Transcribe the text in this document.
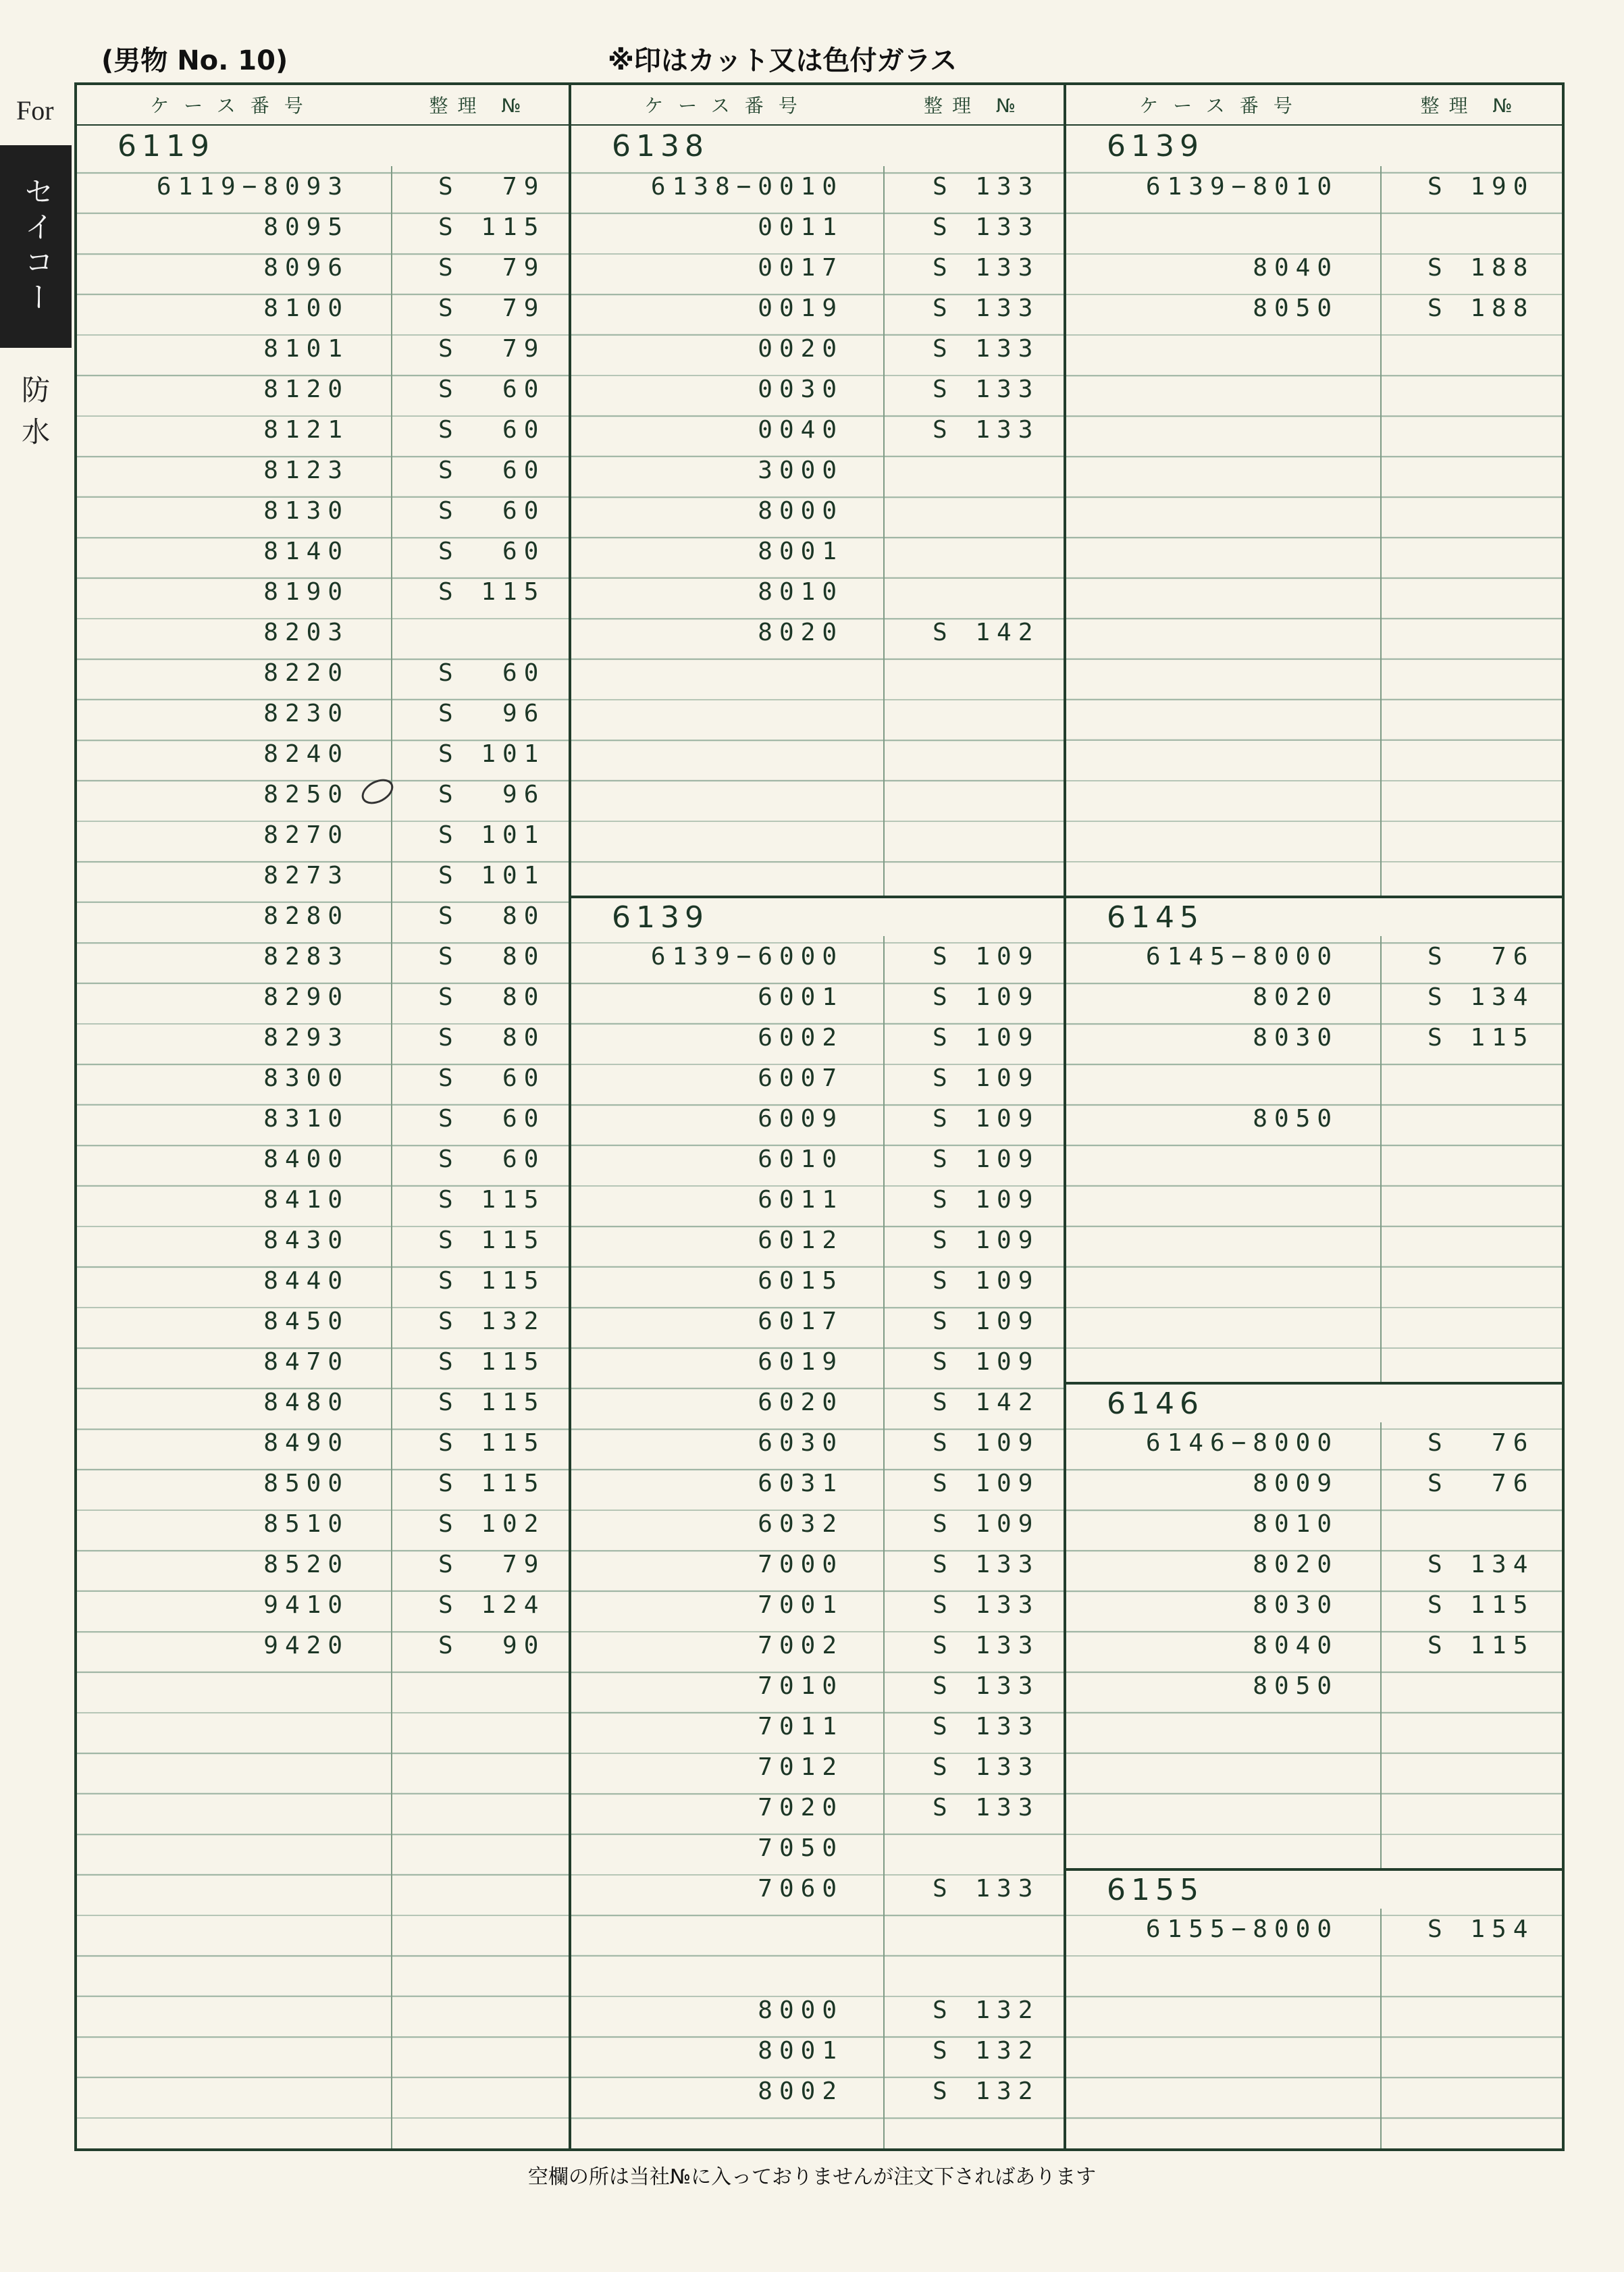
(男物 No. 10)	※印はカット又は色付ガラス
For
セイコー
防水
ケース番号	整理 №
6119
6119−8093	S  79
8095	S 115
8096	S  79
8100	S  79
8101	S  79
8120	S  60
8121	S  60
8123	S  60
8130	S  60
8140	S  60
8190	S 115
8203
8220	S  60
8230	S  96
8240	S 101
8250	S  96
8270	S 101
8273	S 101
8280	S  80
8283	S  80
8290	S  80
8293	S  80
8300	S  60
8310	S  60
8400	S  60
8410	S 115
8430	S 115
8440	S 115
8450	S 132
8470	S 115
8480	S 115
8490	S 115
8500	S 115
8510	S 102
8520	S  79
9410	S 124
9420	S  90
ケース番号	整理 №
6138
6138−0010	S 133
0011	S 133
0017	S 133
0019	S 133
0020	S 133
0030	S 133
0040	S 133
3000
8000
8001
8010
8020	S 142
6139
6139−6000	S 109
6001	S 109
6002	S 109
6007	S 109
6009	S 109
6010	S 109
6011	S 109
6012	S 109
6015	S 109
6017	S 109
6019	S 109
6020	S 142
6030	S 109
6031	S 109
6032	S 109
7000	S 133
7001	S 133
7002	S 133
7010	S 133
7011	S 133
7012	S 133
7020	S 133
7050
7060	S 133
8000	S 132
8001	S 132
8002	S 132
ケース番号	整理 №
6139
6139−8010	S 190
8040	S 188
8050	S 188
6145
6145−8000	S  76
8020	S 134
8030	S 115
8050
6146
6146−8000	S  76
8009	S  76
8010
8020	S 134
8030	S 115
8040	S 115
8050
6155
6155−8000	S 154
空欄の所は当社№に入っておりませんが注文下さればあります
